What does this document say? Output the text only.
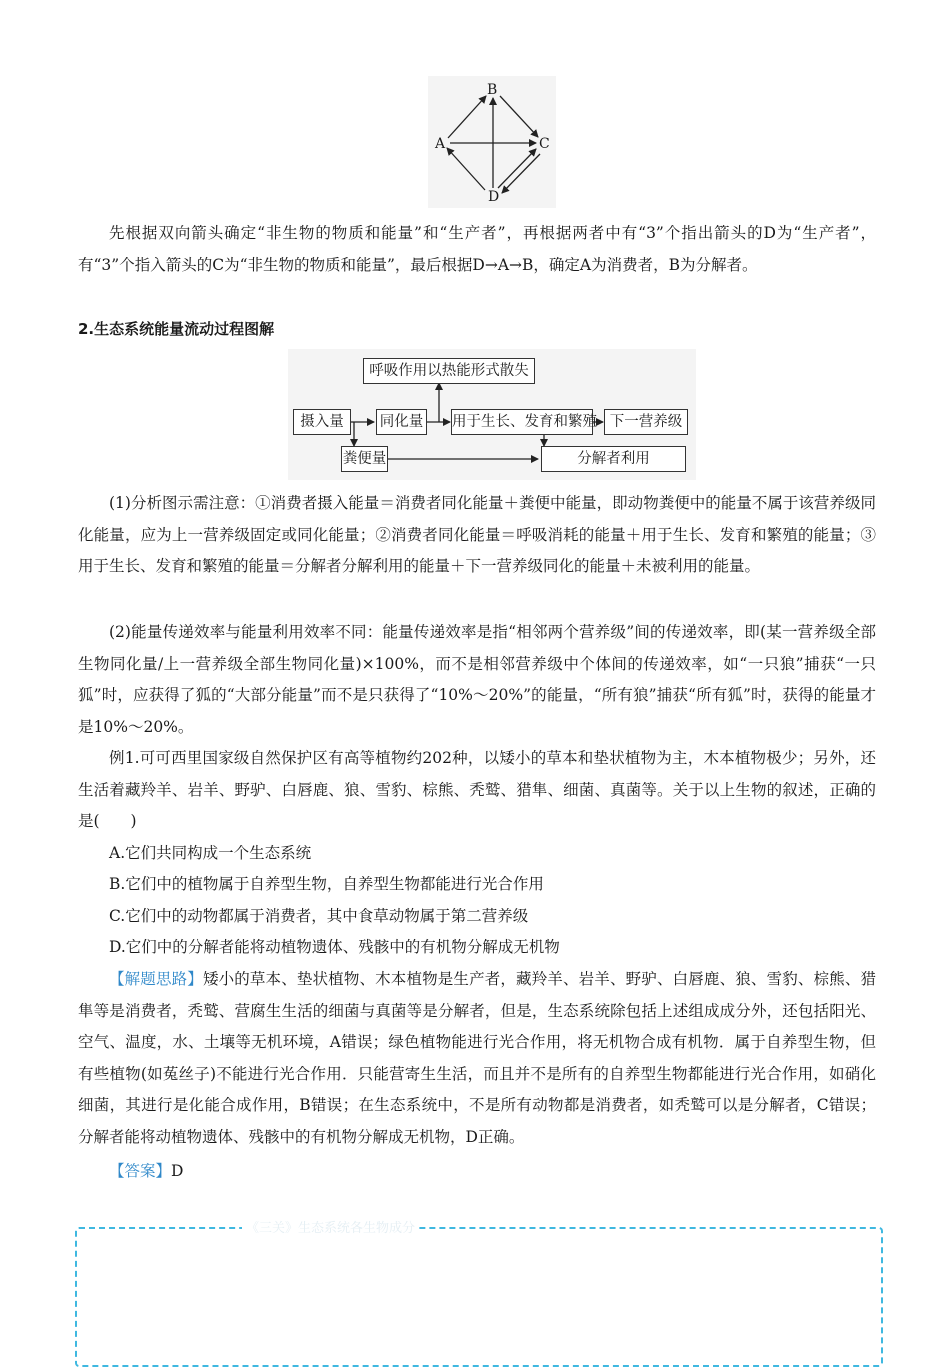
B
A	C
D

先根据双向箭头确定“非生物的物质和能量”和“生产者”，再根据两者中有“3”个指出箭头的D为“生产者”，有“3”个指入箭头的C为“非生物的物质和能量”，最后根据D→A→B，确定A为消费者，B为分解者。

2.生态系统能量流动过程图解
呼吸作用以热能形式散失
摄入量	同化量 用于生长、发育和繁殖 下一营养级
粪便量	分解者利用

(1)分析图示需注意：①消费者摄入能量＝消费者同化能量＋粪便中能量，即动物粪便中的能量不属于该营养级同化能量，应为上一营养级固定或同化能量；②消费者同化能量＝呼吸消耗的能量＋用于生长、发育和繁殖的能量；③用于生长、发育和繁殖的能量＝分解者分解利用的能量＋下一营养级同化的能量＋未被利用的能量。

(2)能量传递效率与能量利用效率不同：能量传递效率是指“相邻两个营养级”间的传递效率，即(某一营养级全部生物同化量/上一营养级全部生物同化量)×100%，而不是相邻营养级中个体间的传递效率，如“一只狼”捕获“一只狐”时，应获得了狐的“大部分能量”而不是只获得了“10%～20%”的能量，“所有狼”捕获“所有狐”时，获得的能量才是10%～20%。

例1.可可西里国家级自然保护区有高等植物约202种，以矮小的草本和垫状植物为主，木本植物极少；另外，还生活着藏羚羊、岩羊、野驴、白唇鹿、狼、雪豹、棕熊、秃鹫、猎隼、细菌、真菌等。关于以上生物的叙述，正确的是(　　)

A.它们共同构成一个生态系统
B.它们中的植物属于自养型生物，自养型生物都能进行光合作用
C.它们中的动物都属于消费者，其中食草动物属于第二营养级
D.它们中的分解者能将动植物遗体、残骸中的有机物分解成无机物

【解题思路】矮小的草本、垫状植物、木本植物是生产者，藏羚羊、岩羊、野驴、白唇鹿、狼、雪豹、棕熊、猎隼等是消费者，秃鹫、营腐生生活的细菌与真菌等是分解者，但是，生态系统除包括上述组成成分外，还包括阳光、空气、温度，水、土壤等无机环境，A错误；绿色植物能进行光合作用，将无机物合成有机物．属于自养型生物，但有些植物(如菟丝子)不能进行光合作用．只能营寄生生活，而且并不是所有的自养型生物都能进行光合作用，如硝化细菌，其进行是化能合成作用，B错误；在生态系统中，不是所有动物都是消费者，如秃鹫可以是分解者，C错误；分解者能将动植物遗体、残骸中的有机物分解成无机物，D正确。

【答案】D
《三关》生态系统各生物成分
